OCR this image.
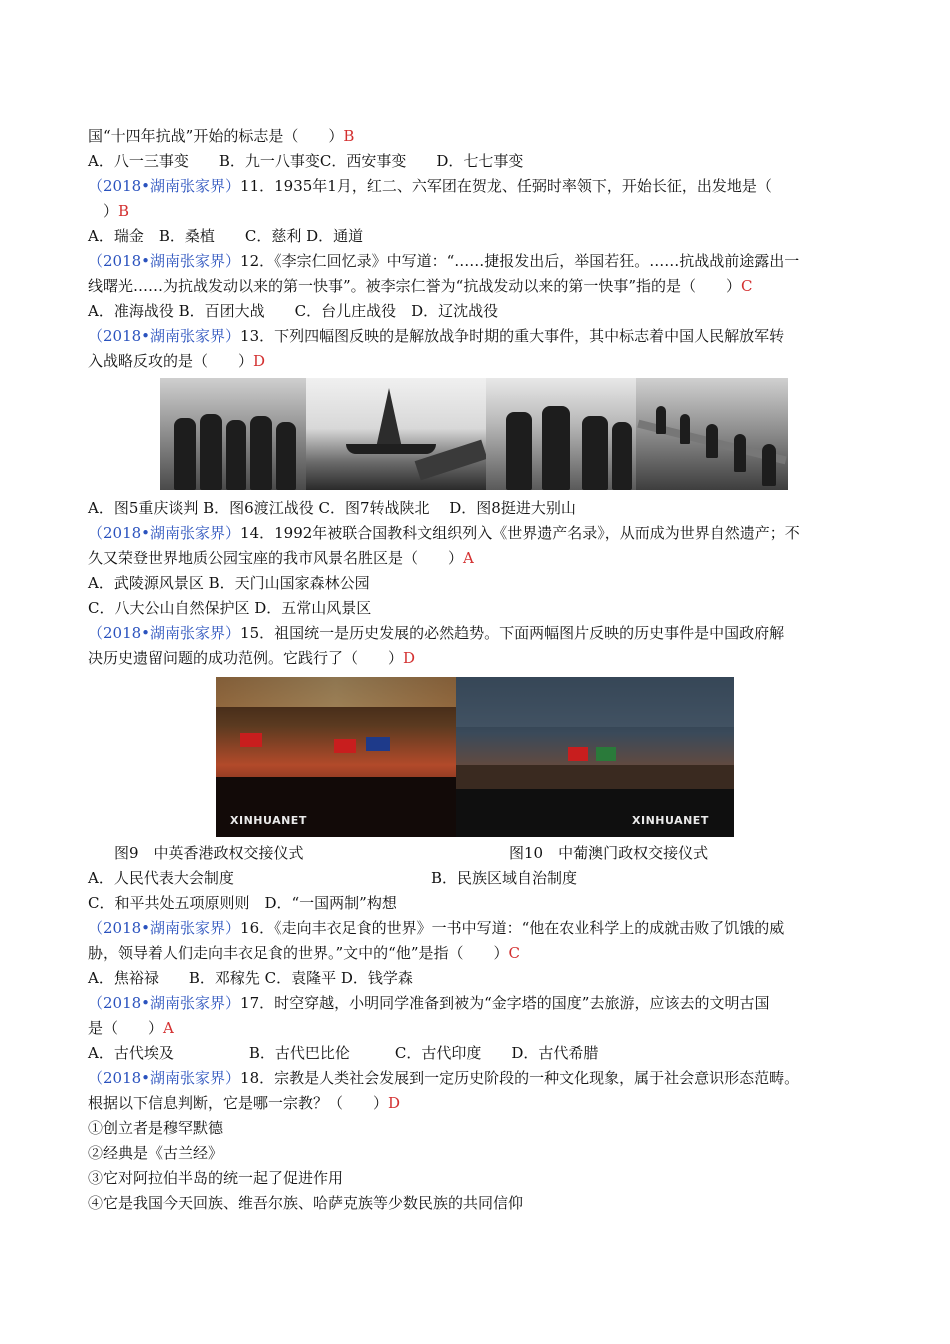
国“十四年抗战”开始的标志是（　　）B

A．八一三事变　　B．九一八事变C．西安事变　　D．七七事变

（2018•湖南张家界）11．1935年1月，红二、六军团在贺龙、任弼时率领下，开始长征，出发地是（

　）B

A．瑞金　B．桑植　　C．慈利 D．通道

（2018•湖南张家界）12．《李宗仁回忆录》中写道：“……捷报发出后，举国若狂。……抗战战前途露出一

线曙光……为抗战发动以来的第一快事”。被李宗仁誉为“抗战发动以来的第一快事”指的是（　　）C

A．准海战役 B．百团大战　　C．台儿庄战役　D．辽沈战役

（2018•湖南张家界）13．下列四幅图反映的是解放战争时期的重大事件，其中标志着中国人民解放军转

入战略反攻的是（　　）D

A．图5重庆谈判 B．图6渡江战役 C．图7转战陕北　 D．图8挺进大别山

（2018•湖南张家界）14．1992年被联合国教科文组织列入《世界遗产名录》，从而成为世界自然遗产；不

久又荣登世界地质公园宝座的我市风景名胜区是（　　）A

A．武陵源风景区 B．天门山国家森林公园

C．八大公山自然保护区 D．五常山风景区

（2018•湖南张家界）15．祖国统一是历史发展的必然趋势。下面两幅图片反映的历史事件是中国政府解

决历史遗留问题的成功范例。它践行了（　　）D

XINHUANET	XINHUANET
图9　中英香港政权交接仪式	图10　中葡澳门政权交接仪式

A．人民代表大会制度	B．民族区域自治制度

C．和平共处五项原则则　D．“一国两制”构想

（2018•湖南张家界）16．《走向丰衣足食的世界》一书中写道：“他在农业科学上的成就击败了饥饿的威

胁，领导着人们走向丰衣足食的世界。”文中的“他”是指（　　）C

A．焦裕禄　　B．邓稼先 C．袁隆平 D．钱学森

（2018•湖南张家界）17．时空穿越，小明同学准备到被为“金字塔的国度”去旅游，应该去的文明古国

是（　　）A

A．古代埃及　　　　　B．古代巴比伦　　　C．古代印度　　D．古代希腊

（2018•湖南张家界）18．宗教是人类社会发展到一定历史阶段的一种文化现象，属于社会意识形态范畴。

根据以下信息判断，它是哪一宗教？（　　）D

①创立者是穆罕默德

②经典是《古兰经》

③它对阿拉伯半岛的统一起了促进作用

④它是我国今天回族、维吾尔族、哈萨克族等少数民族的共同信仰
